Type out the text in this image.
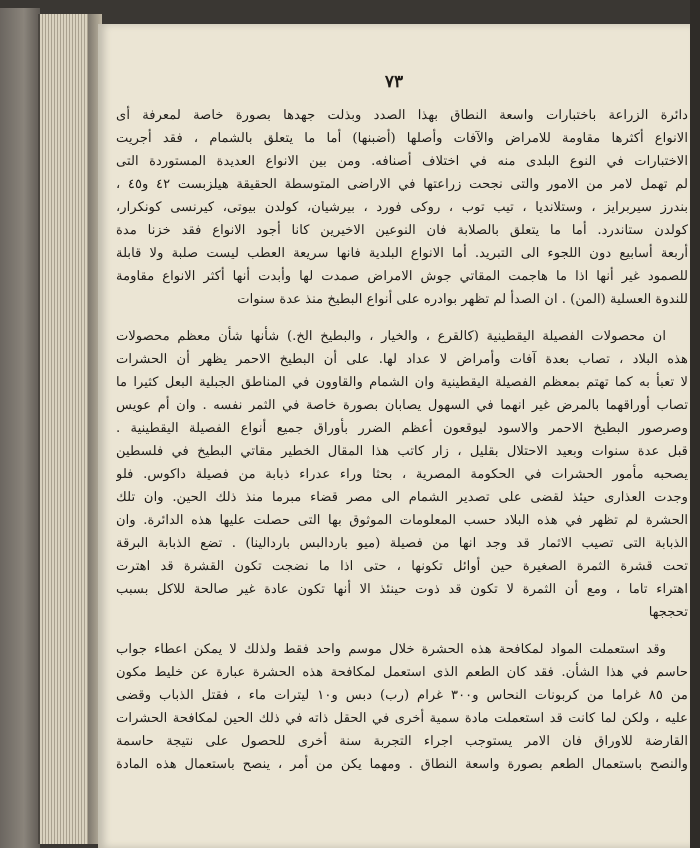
٧٣
دائرة الزراعة باختبارات واسعة النطاق بهذا الصدد وبذلت جهدها بصورة خاصة لمعرفة أى
الانواع أكثرها مقاومة للامراض والآفات وأصلها (أضبنها) أما ما يتعلق بالشمام ، فقد أجريت
الاختبارات في النوع البلدى منه في اختلاف أصنافه. ومن بين الانواع العديدة المستوردة التى
لم تهمل لامر من الامور والتى نجحت زراعتها في الاراضى المتوسطة الحقيقة هيلزبست ٤٢ و٤٥ ،
بندرز سيربرايز ، وستلانديا ، تيب توب ، روكى فورد ، بيرشيان، كولدن بيوتى، كيرنسى كونكرار،
كولدن ستاندرد. أما ما يتعلق بالصلابة فان النوعين الاخيرين كانا أجود الانواع فقد خزنا مدة
أربعة أسابيع دون اللجوء الى التبريد. أما الانواع البلدية فانها سريعة العطب ليست صلبة ولا قابلة
للصمود غير أنها اذا ما هاجمت المقاتي جوش الامراض صمدت لها وأبدت أنها أكثر الانواع مقاومة
للندوة العسلية (المن) . ان الصدأ لم تظهر بوادره على أنواع البطيخ منذ عدة سنوات
ان محصولات الفصيلة اليقطينية (كالقرع ، والخيار ، والبطيخ الخ.) شأنها شأن معظم محصولات
هذه البلاد ، تصاب بعدة آفات وأمراض لا عداد لها. على أن البطيخ الاحمر يظهر أن الحشرات
لا تعبأ به كما تهتم بمعظم الفصيلة اليقطينية وان الشمام والقاوون في المناطق الجبلية البعل كثيرا ما
تصاب أوراقهما بالمرض غير انهما في السهول يصابان بصورة خاصة في الثمر نفسه . وان أم عويس
وصرصور البطيخ الاحمر والاسود ليوقعون أعظم الضرر بأوراق جميع أنواع الفصيلة اليقطينية .
قبل عدة سنوات وبعيد الاحتلال بقليل ، زار كاتب هذا المقال الخطير مقاتي البطيخ في فلسطين
يصحبه مأمور الحشرات في الحكومة المصرية ، بحثا وراء عدراء ذبابة من فصيلة داكوس. فلو
وجدت العذارى حيئذ لقضى على تصدير الشمام الى مصر قضاء مبرما منذ ذلك الحين. وان تلك
الحشرة لم تظهر في هذه البلاد حسب المعلومات الموثوق بها التى حصلت عليها هذه الدائرة. وان
الذبابة التى تصيب الاثمار قد وجد انها من فصيلة (ميو باردالبس باردالينا) . تضع الذبابة البرقة
تحت قشرة الثمرة الصغيرة حين أوائل تكونها ، حتى اذا ما نضجت تكون القشرة قد اهترت
اهتراء تاما ، ومع أن الثمرة لا تكون قد ذوت حينئذ الا أنها تكون عادة غير صالحة للاكل بسبب
تحججها
وقد استعملت المواد لمكافحة هذه الحشرة خلال موسم واحد فقط ولذلك لا يمكن اعطاء جواب
حاسم في هذا الشأن. فقد كان الطعم الذى استعمل لمكافحة هذه الحشرة عبارة عن خليط مكون
من ٨٥ غراما من كربونات النحاس و٣٠٠ غرام (رب) دبس و١٠ ليترات ماء ، فقتل الذباب وقضى
عليه ، ولكن لما كانت قد استعملت مادة سمية أخرى في الحقل ذاته في ذلك الحين لمكافحة الحشرات
القارضة للاوراق فان الامر يستوجب اجراء التجربة سنة أخرى للحصول على نتيجة حاسمة
والنصح باستعمال الطعم بصورة واسعة النطاق . ومهما يكن من أمر ، ينصح باستعمال هذه المادة
